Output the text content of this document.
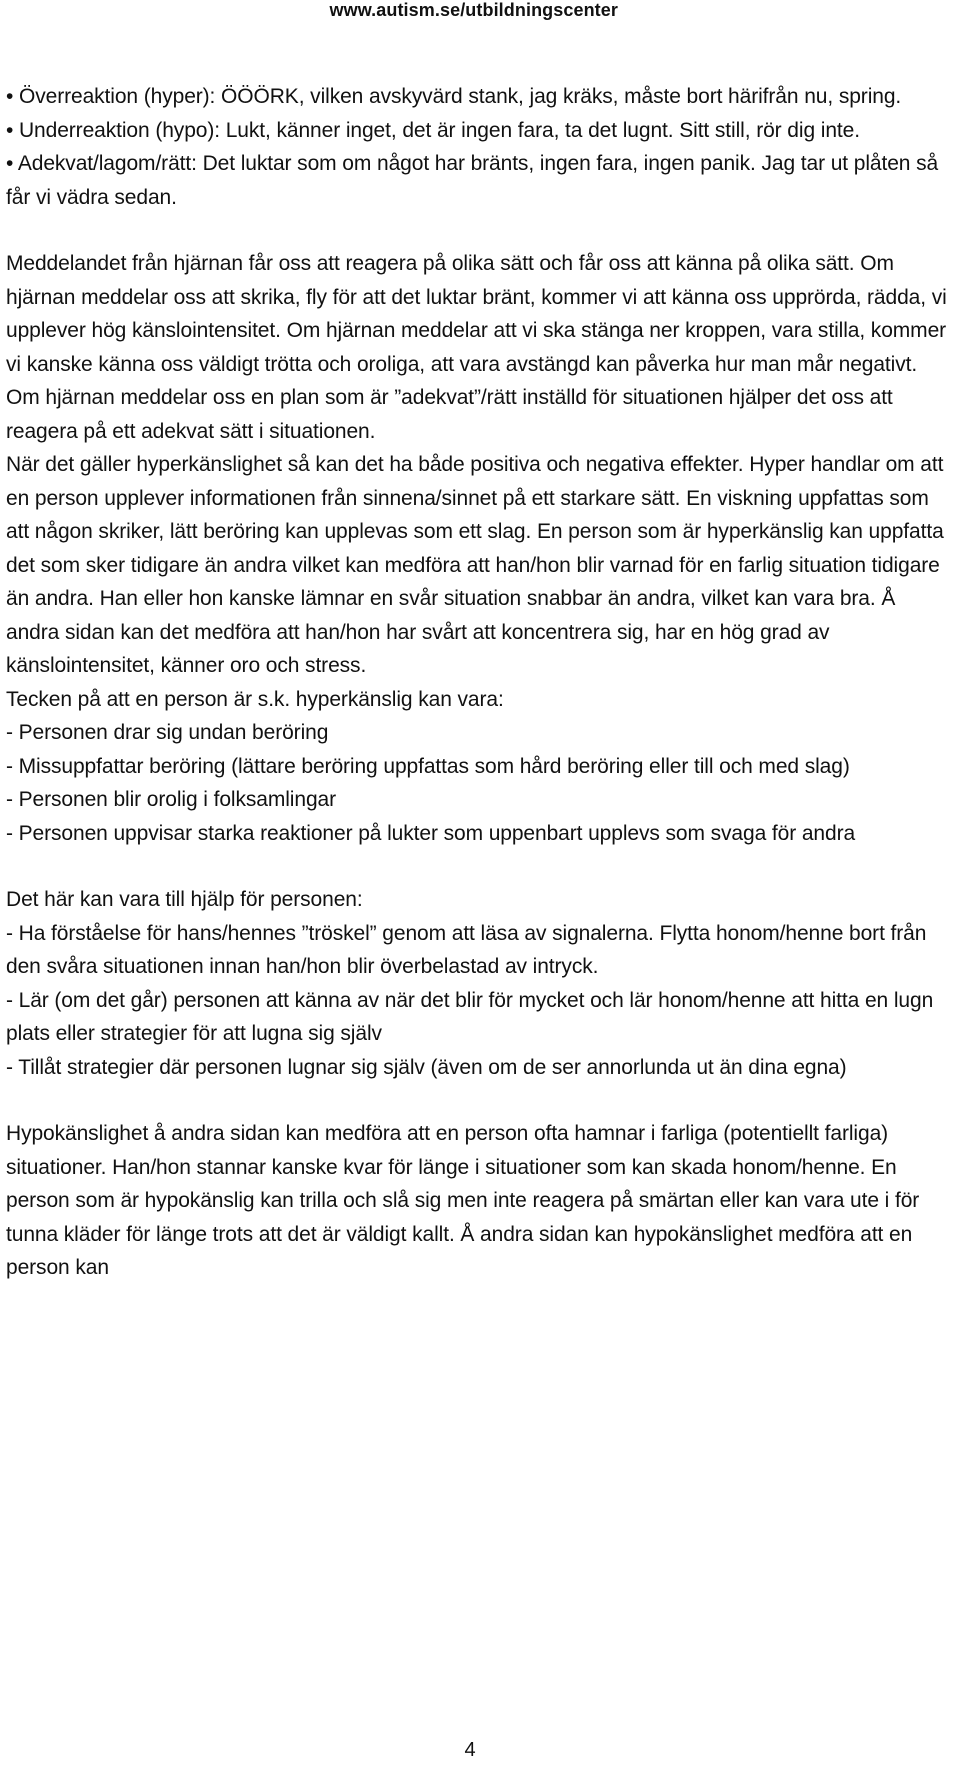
www.autism.se/utbildningscenter

• Överreaktion (hyper): ÖÖÖRK, vilken avskyvärd stank, jag kräks, måste bort härifrån nu, spring.

• Underreaktion (hypo): Lukt, känner inget, det är ingen fara, ta det lugnt. Sitt still, rör dig inte.

• Adekvat/lagom/rätt: Det luktar som om något har bränts, ingen fara, ingen panik. Jag tar ut plåten så får vi vädra sedan.

Meddelandet från hjärnan får oss att reagera på olika sätt och får oss att känna på olika sätt. Om hjärnan meddelar oss att skrika, fly för att det luktar bränt, kommer vi att känna oss upprörda, rädda, vi upplever hög känslointensitet. Om hjärnan meddelar att vi ska stänga ner kroppen, vara stilla, kommer vi kanske känna oss väldigt trötta och oroliga, att vara avstängd kan påverka hur man mår negativt. Om hjärnan meddelar oss en plan som är ”adekvat”/rätt inställd för situationen hjälper det oss att reagera på ett adekvat sätt i situationen.

När det gäller hyperkänslighet så kan det ha både positiva och negativa effekter. Hyper handlar om att en person upplever informationen från sinnena/sinnet på ett starkare sätt. En viskning uppfattas som att någon skriker, lätt beröring kan upplevas som ett slag. En person som är hyperkänslig kan uppfatta det som sker tidigare än andra vilket kan medföra att han/hon blir varnad för en farlig situation tidigare än andra. Han eller hon kanske lämnar en svår situation snabbar än andra, vilket kan vara bra. Å andra sidan kan det medföra att han/hon har svårt att koncentrera sig, har en hög grad av känslointensitet, känner oro och stress.

Tecken på att en person är s.k. hyperkänslig kan vara:

- Personen drar sig undan beröring

- Missuppfattar beröring (lättare beröring uppfattas som hård beröring eller till och med slag)

- Personen blir orolig i folksamlingar

- Personen uppvisar starka reaktioner på lukter som uppenbart upplevs som svaga för andra

Det här kan vara till hjälp för personen:

- Ha förståelse för hans/hennes ”tröskel” genom att läsa av signalerna. Flytta honom/henne bort från den svåra situationen innan han/hon blir överbelastad av intryck.

- Lär (om det går) personen att känna av när det blir för mycket och lär honom/henne att hitta en lugn plats eller strategier för att lugna sig själv

- Tillåt strategier där personen lugnar sig själv (även om de ser annorlunda ut än dina egna)

Hypokänslighet å andra sidan kan medföra att en person ofta hamnar i farliga (potentiellt farliga) situationer. Han/hon stannar kanske kvar för länge i situationer som kan skada honom/henne. En person som är hypokänslig kan trilla och slå sig men inte reagera på smärtan eller kan vara ute i för tunna kläder för länge trots att det är väldigt kallt. Å andra sidan kan hypokänslighet medföra att en person kan

4
